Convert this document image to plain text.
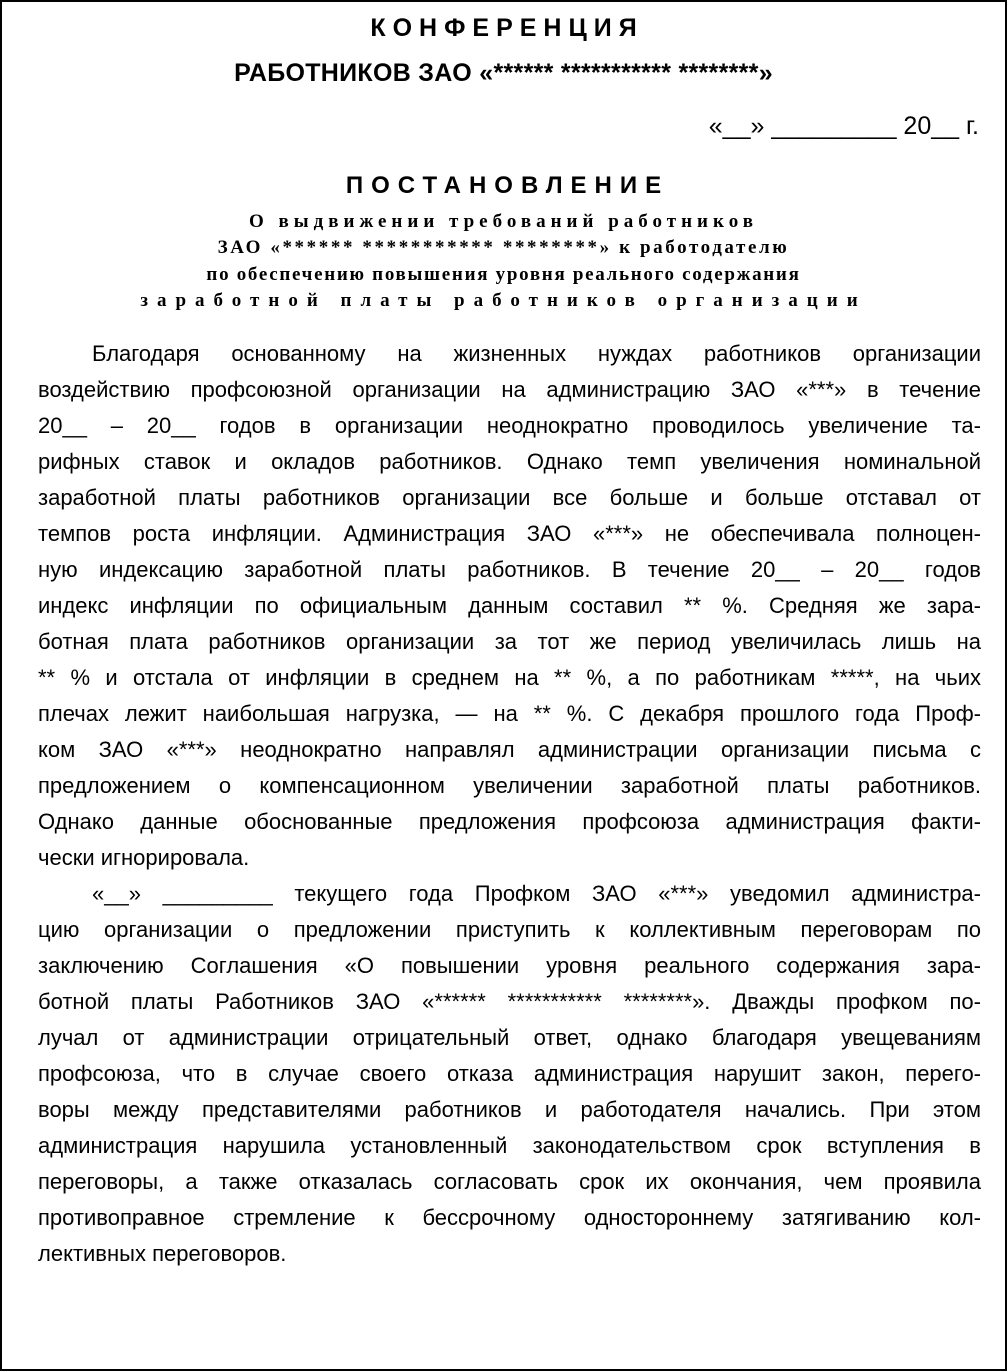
КОНФЕРЕНЦИЯ
РАБОТНИКОВ ЗАО «****** *********** ********»
«__» _________ 20__ г.
ПОСТАНОВЛЕНИЕ
О выдвижении требований работников
ЗАО «****** *********** ********» к работодателю
по обеспечению повышения уровня реального содержания
заработной платы работников организации
Благодаря основанному на жизненных нуждах работников организации
воздействию профсоюзной организации на администрацию ЗАО «***» в течение
20__ – 20__ годов в организации неоднократно проводилось увеличение та-
рифных ставок и окладов работников. Однако темп увеличения номинальной
заработной платы работников организации все больше и больше отставал от
темпов роста инфляции. Администрация ЗАО «***» не обеспечивала полноцен-
ную индексацию заработной платы работников. В течение 20__ – 20__ годов
индекс инфляции по официальным данным составил ** %. Средняя же зара-
ботная плата работников организации за тот же период увеличилась лишь на
** % и отстала от инфляции в среднем на ** %, а по работникам *****, на чьих
плечах лежит наибольшая нагрузка, — на ** %. С декабря прошлого года Проф-
ком ЗАО «***» неоднократно направлял администрации организации письма с
предложением о компенсационном увеличении заработной платы работников.
Однако данные обоснованные предложения профсоюза администрация факти-
чески игнорировала.
«__» _________ текущего года Профком ЗАО «***» уведомил администра-
цию организации о предложении приступить к коллективным переговорам по
заключению Соглашения «О повышении уровня реального содержания зара-
ботной платы Работников ЗАО «****** *********** ********». Дважды профком по-
лучал от администрации отрицательный ответ, однако благодаря увещеваниям
профсоюза, что в случае своего отказа администрация нарушит закон, перего-
воры между представителями работников и работодателя начались. При этом
администрация нарушила установленный законодательством срок вступления в
переговоры, а также отказалась согласовать срок их окончания, чем проявила
противоправное стремление к бессрочному одностороннему затягиванию кол-
лективных переговоров.
